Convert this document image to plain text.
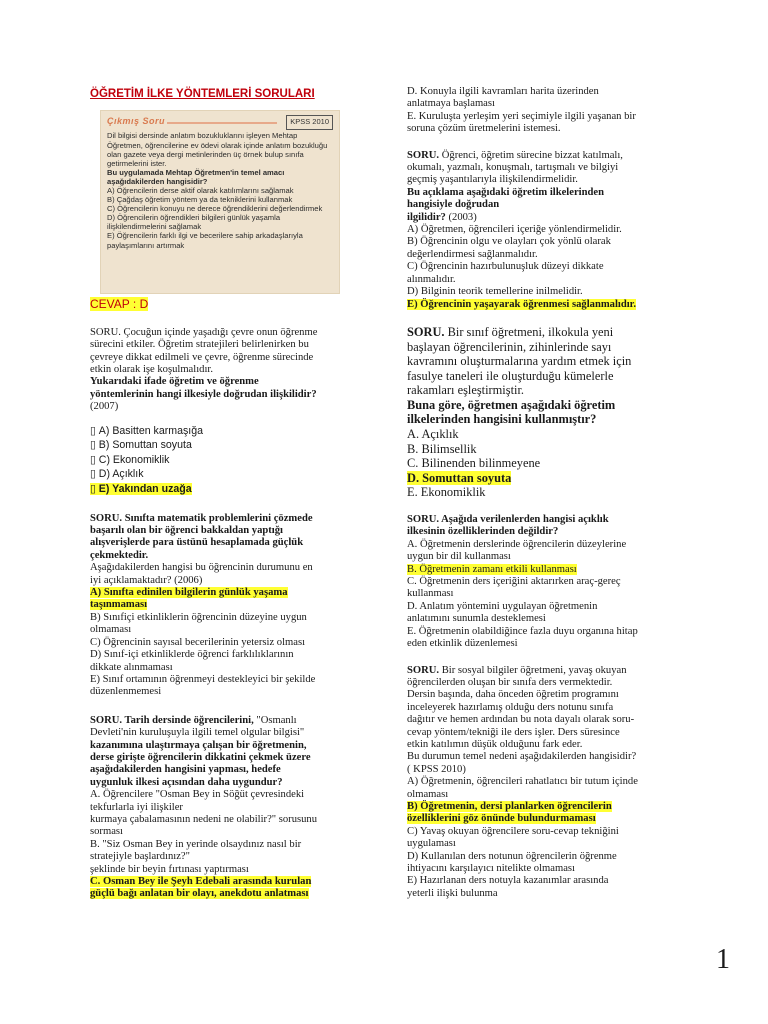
ÖĞRETİM İLKE YÖNTEMLERİ SORULARI

Çıkmış Soru	KPSS 2010

Dil bilgisi dersinde anlatım bozukluklarını işleyen Mehtap Öğretmen, öğrencilerine ev ödevi olarak içinde anlatım bozukluğu olan gazete veya dergi metinlerinden üç örnek bulup sınıfa getirmelerini ister.

Bu uygulamada Mehtap Öğretmen'in temel amacı aşağıdakilerden hangisidir?

A) Öğrencilerin derse aktif olarak katılımlarını sağlamak

B) Çağdaş öğretim yöntem ya da tekniklerini kullanmak

C) Öğrencilerin konuyu ne derece öğrendiklerini değerlendirmek

D) Öğrencilerin öğrendikleri bilgileri günlük yaşamla ilişkilendirmelerini sağlamak

E) Öğrencilerin farklı ilgi ve becerilere sahip arkadaşlarıyla paylaşımlarını artırmak

CEVAP : D

SORU. Çocuğun içinde yaşadığı çevre onun öğrenme

sürecini etkiler. Öğretim stratejileri belirlenirken bu

çevreye dikkat edilmeli ve çevre, öğrenme sürecinde

etkin olarak işe koşulmalıdır.

Yukarıdaki ifade öğretim ve öğrenme

yöntemlerinin hangi ilkesiyle doğrudan ilişkilidir?

(2007)

▯ A) Basitten karmaşığa

▯ B) Somuttan soyuta

▯ C) Ekonomiklik

▯ D) Açıklık

▯ E) Yakından uzağa

SORU. Sınıfta matematik problemlerini çözmede

başarılı olan bir öğrenci bakkaldan yaptığı

alışverişlerde para üstünü hesaplamada güçlük

çekmektedir.

Aşağıdakilerden hangisi bu öğrencinin durumunu en

iyi açıklamaktadır? (2006)

A) Sınıfta edinilen bilgilerin günlük yaşama

taşınmaması

B) Sınıfiçi etkinliklerin öğrencinin düzeyine uygun

olmaması

C) Öğrencinin sayısal becerilerinin yetersiz olması

D) Sınıf-içi etkinliklerde öğrenci farklılıklarının

dikkate alınmaması

E) Sınıf ortamının öğrenmeyi destekleyici bir şekilde

düzenlenmemesi

SORU. Tarih dersinde öğrencilerini, "Osmanlı

Devleti'nin kuruluşuyla ilgili temel olgular bilgisi"

kazanımına ulaştırmaya çalışan bir öğretmenin,

derse girişte öğrencilerin dikkatini çekmek üzere

aşağıdakilerden hangisini yapması, hedefe

uygunluk ilkesi açısından daha uygundur?

A. Öğrencilere "Osman Bey in Söğüt çevresindeki

tekfurlarla iyi ilişkiler

kurmaya çabalamasının nedeni ne olabilir?" sorusunu

sorması

B. "Siz Osman Bey in yerinde olsaydınız nasıl bir

stratejiyle başlardınız?"

şeklinde bir beyin fırtınası yaptırması

C. Osman Bey ile Şeyh Edebali arasında kurulan

güçlü bağı anlatan bir olayı, anekdotu anlatması

D. Konuyla ilgili kavramları harita üzerinden

anlatmaya başlaması

E. Kuruluşta yerleşim yeri seçimiyle ilgili yaşanan bir

soruna çözüm üretmelerini istemesi.

SORU. Öğrenci, öğretim sürecine bizzat katılmalı,

okumalı, yazmalı, konuşmalı, tartışmalı ve bilgiyi

geçmiş yaşantılarıyla ilişkilendirmelidir.

Bu açıklama aşağıdaki öğretim ilkelerinden

hangisiyle doğrudan

ilgilidir? (2003)

A) Öğretmen, öğrencileri içeriğe yönlendirmelidir.

B) Öğrencinin olgu ve olayları çok yönlü olarak

değerlendirmesi sağlanmalıdır.

C) Öğrencinin hazırbulunuşluk düzeyi dikkate

alınmalıdır.

D) Bilginin teorik temellerine inilmelidir.

E) Öğrencinin yaşayarak öğrenmesi sağlanmalıdır.

SORU. Bir sınıf öğretmeni, ilkokula yeni

başlayan öğrencilerinin, zihinlerinde sayı

kavramını oluşturmalarına yardım etmek için

fasulye taneleri ile oluşturduğu kümelerle

rakamları eşleştirmiştir.

Buna göre, öğretmen aşağıdaki öğretim

ilkelerinden hangisini kullanmıştır?

A. Açıklık

B. Bilimsellik

C. Bilinenden bilinmeyene

D. Somuttan soyuta

E. Ekonomiklik

SORU. Aşağıda verilenlerden hangisi açıklık

ilkesinin özelliklerinden değildir?

A. Öğretmenin derslerinde öğrencilerin düzeylerine

uygun bir dil kullanması

B. Öğretmenin zamanı etkili kullanması

C. Öğretmenin ders içeriğini aktarırken araç-gereç

kullanması

D. Anlatım yöntemini uygulayan öğretmenin

anlatımını sunumla desteklemesi

E. Öğretmenin olabildiğince fazla duyu organına hitap

eden etkinlik düzenlemesi

SORU. Bir sosyal bilgiler öğretmeni, yavaş okuyan

öğrencilerden oluşan bir sınıfa ders vermektedir.

Dersin başında, daha önceden öğretim programını

inceleyerek hazırlamış olduğu ders notunu sınıfa

dağıtır ve hemen ardından bu nota dayalı olarak soru-

cevap yöntem/tekniği ile ders işler. Ders süresince

etkin katılımın düşük olduğunu fark eder.

Bu durumun temel nedeni aşağıdakilerden hangisidir?

( KPSS 2010)

A) Öğretmenin, öğrencileri rahatlatıcı bir tutum içinde

olmaması

B) Öğretmenin, dersi planlarken öğrencilerin

özelliklerini göz önünde bulundurmaması

C) Yavaş okuyan öğrencilere soru-cevap tekniğini

uygulaması

D) Kullanılan ders notunun öğrencilerin öğrenme

ihtiyacını karşılayıcı nitelikte olmaması

E) Hazırlanan ders notuyla kazanımlar arasında

yeterli ilişki bulunma

1
